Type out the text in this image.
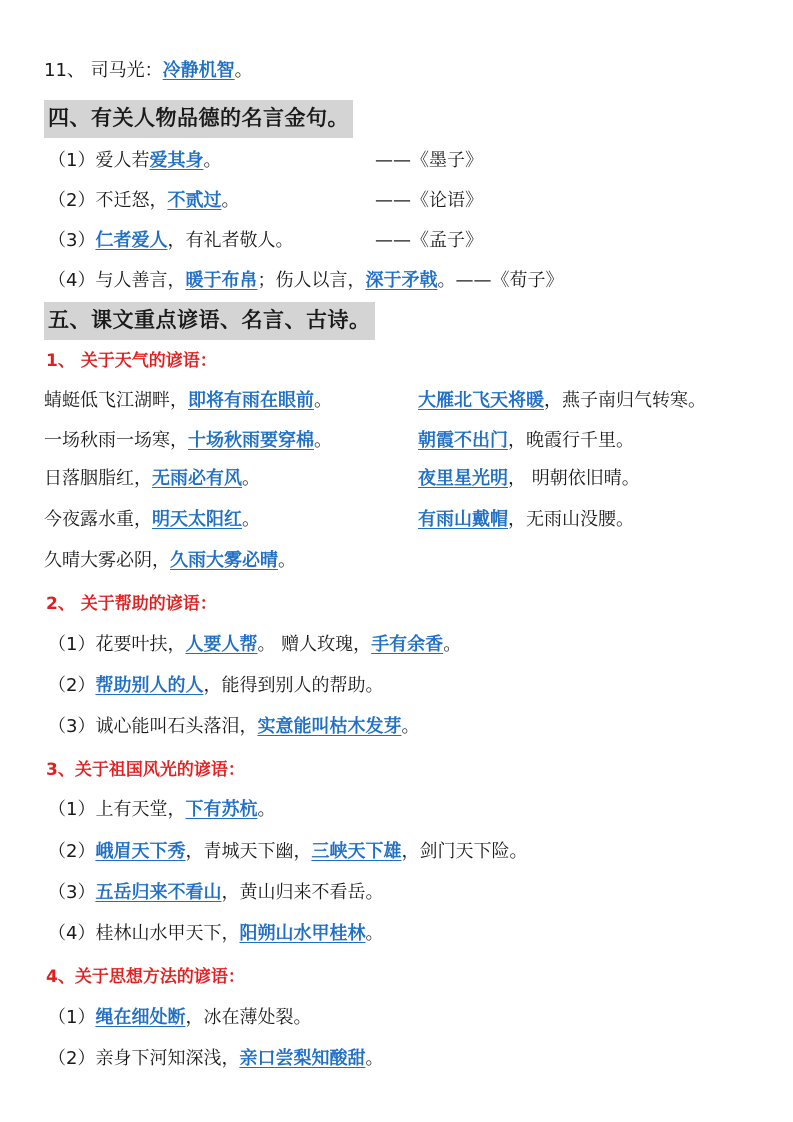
11、 司马光：冷静机智。
四、有关人物品德的名言金句。
（1）爱人若爱其身。	——《墨子》
（2）不迁怒，不贰过。	——《论语》
（3）仁者爱人，有礼者敬人。	——《孟子》
（4）与人善言，暖于布帛；伤人以言，深于矛戟。——《荀子》
五、课文重点谚语、名言、古诗。
1、 关于天气的谚语：
蜻蜓低飞江湖畔，即将有雨在眼前。	大雁北飞天将暖，燕子南归气转寒。
一场秋雨一场寒，十场秋雨要穿棉。	朝霞不出门，晚霞行千里。
日落胭脂红，无雨必有风。	夜里星光明， 明朝依旧晴。
今夜露水重，明天太阳红。	有雨山戴帽，无雨山没腰。
久晴大雾必阴，久雨大雾必晴。
2、 关于帮助的谚语：
（1）花要叶扶，人要人帮。 赠人玫瑰，手有余香。
（2）帮助别人的人，能得到别人的帮助。
（3）诚心能叫石头落泪，实意能叫枯木发芽。
3、关于祖国风光的谚语：
（1）上有天堂，下有苏杭。
（2）峨眉天下秀，青城天下幽，三峡天下雄，剑门天下险。
（3）五岳归来不看山，黄山归来不看岳。
（4）桂林山水甲天下，阳朔山水甲桂林。
4、关于思想方法的谚语：
（1）绳在细处断，冰在薄处裂。
（2）亲身下河知深浅，亲口尝梨知酸甜。
